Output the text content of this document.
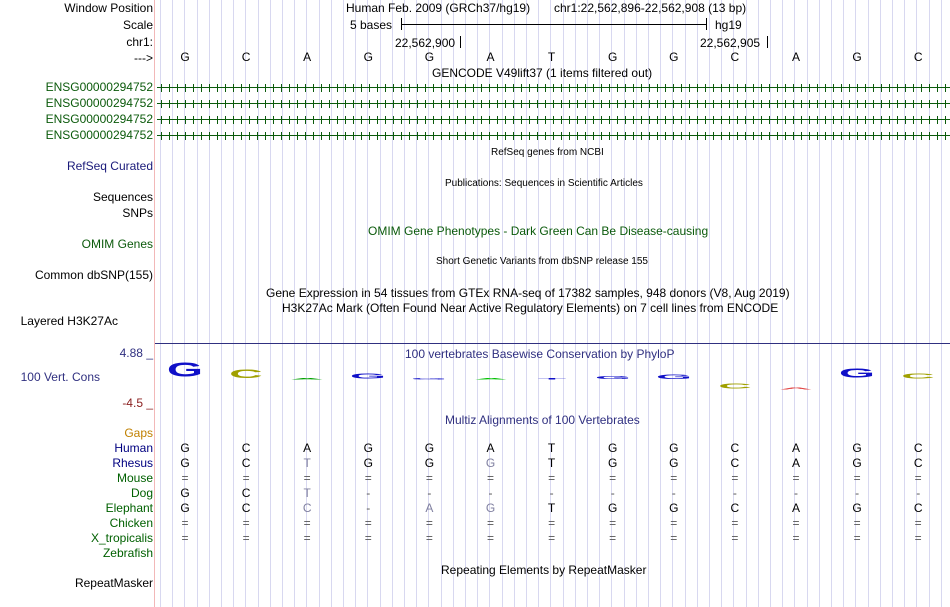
Window Position
Scale
chr1:
--->
ENSG00000294752
ENSG00000294752
ENSG00000294752
ENSG00000294752
RefSeq Curated
Sequences
SNPs
OMIM Genes
Common dbSNP(155)
Layered H3K27Ac
4.88 _
100 Vert. Cons
-4.5 _
Gaps
RepeatMasker
Human Feb. 2009 (GRCh37/hg19) chr1:22,562,896-22,562,908 (13 bp)
5 bases	hg19
22,562,900	22,562,905
G	C	A	G	G	A	T	G	G	C	A	G	C
GENCODE V49lift37 (1 items filtered out)
RefSeq genes from NCBI
Publications: Sequences in Scientific Articles
OMIM Gene Phenotypes - Dark Green Can Be Disease-causing
Short Genetic Variants from dbSNP release 155
Gene Expression in 54 tissues from GTEx RNA-seq of 17382 samples, 948 donors (V8, Aug 2019)
H3K27Ac Mark (Often Found Near Active Regulatory Elements) on 7 cell lines from ENCODE
100 vertebrates Basewise Conservation by PhyloP
G	C	A	G	G	A	T	G	G
C	A
G	C
Multiz Alignments of 100 Vertebrates
Human	G	C	A	G	G	A	T	G	G	C	A	G	C
Rhesus	G	C	T	G	G	G	T	G	G	C	A	G	C
Mouse	=	=	=	=	=	=	=	=	=	=	=	=	=
Dog	G	C	T	-	-	-	-	-	-	-	-	-	-
Elephant	G	C	C	-	A	G	T	G	G	C	A	G	C
Chicken	=	=	=	=	=	=	=	=	=	=	=	=	=
X_tropicalis	=	=	=	=	=	=	=	=	=	=	=	=	=
Zebrafish
Repeating Elements by RepeatMasker
